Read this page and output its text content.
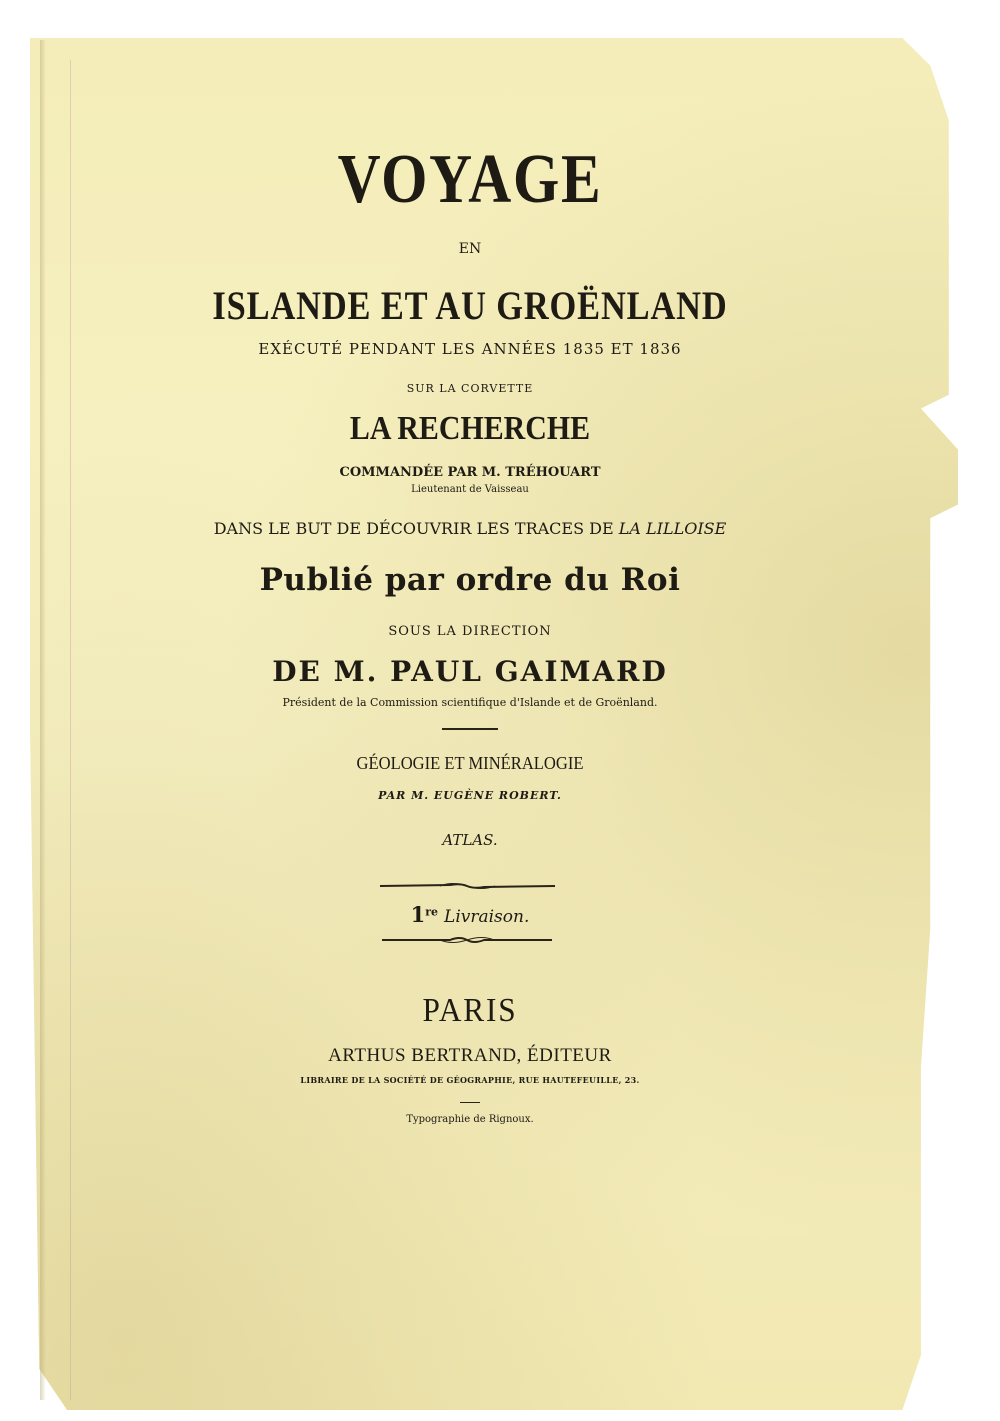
VOYAGE
EN
ISLANDE ET AU GROËNLAND
EXÉCUTÉ PENDANT LES ANNÉES 1835 ET 1836
SUR LA CORVETTE
LA RECHERCHE
COMMANDÉE PAR M. TRÉHOUART
Lieutenant de Vaisseau
DANS LE BUT DE DÉCOUVRIR LES TRACES DE LA LILLOISE
Publié par ordre du Roi
SOUS LA DIRECTION
DE M. PAUL GAIMARD
Président de la Commission scientifique d'Islande et de Groënland.
GÉOLOGIE ET MINÉRALOGIE
PAR M. EUGÈNE ROBERT.
ATLAS.
1re Livraison.
PARIS
ARTHUS BERTRAND, ÉDITEUR
LIBRAIRE DE LA SOCIÉTÉ DE GÉOGRAPHIE, RUE HAUTEFEUILLE, 23.
Typographie de Rignoux.
